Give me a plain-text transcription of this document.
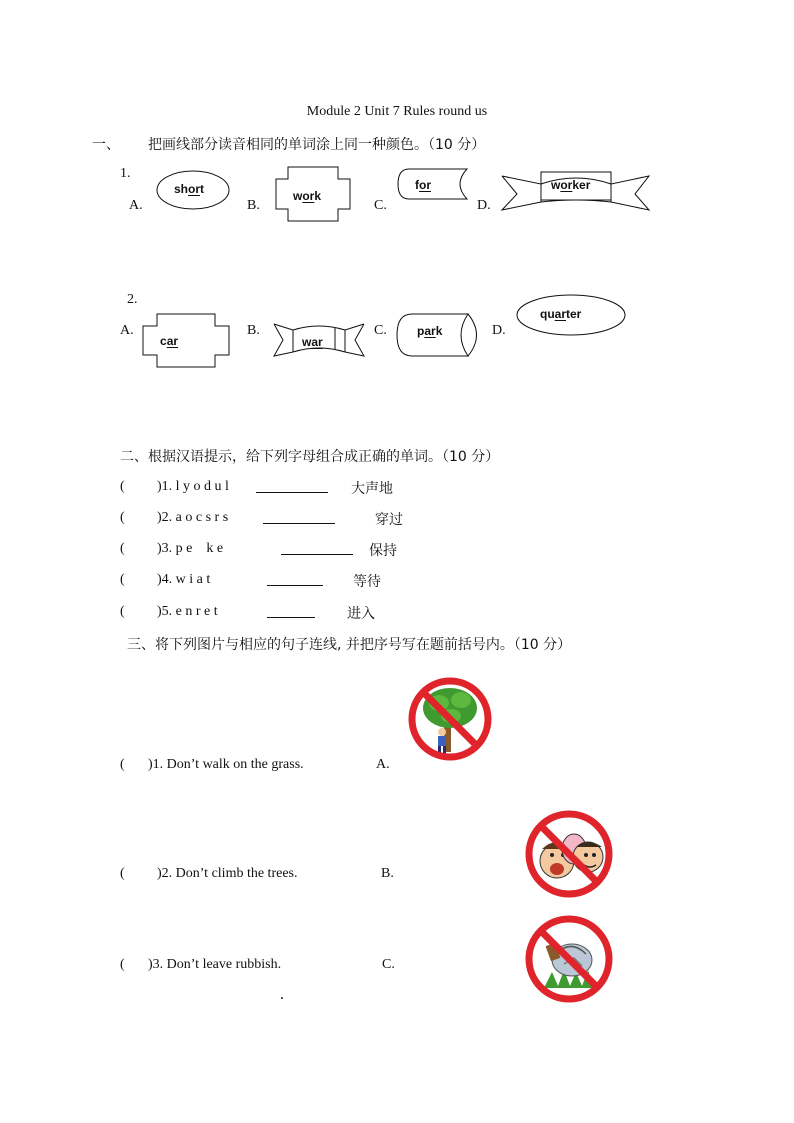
Module 2 Unit 7 Rules round us
一、 把画线部分读音相同的单词涂上同一种颜色。（10 分）
1.
A.	B.	C.	D.
short	work
for	worker
2.
A.	B.	C.	D.
car	war
park
quarter
二、根据汉语提示，给下列字母组合成正确的单词。（10 分）
( )1. l y o d u l	大声地
( )2. a o c s r s	穿过
( )3. p e    k e	保持
( )4. w i a t	等待
( )5. e n r e t	进入
三、将下列图片与相应的句子连线, 并把序号写在题前括号内。（10 分）
( )1. Don’t walk on the grass.	A.
( )2. Don’t climb the trees.	B.
( )3. Don’t leave rubbish.	C.
.
